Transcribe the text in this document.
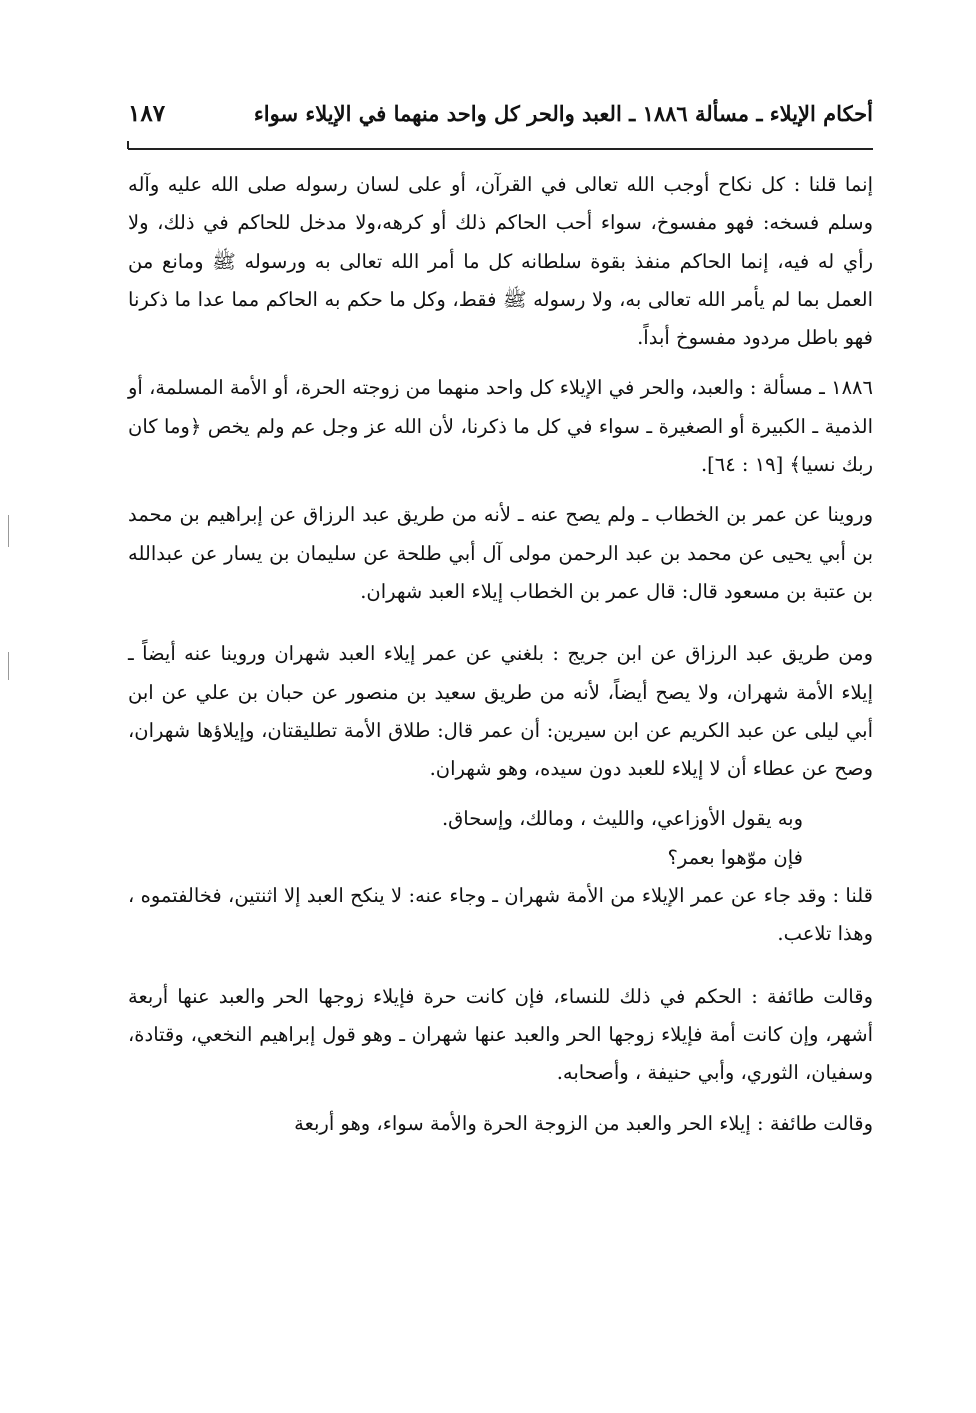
أحكام الإيلاء ـ مسألة ١٨٨٦ ـ العبد والحر كل واحد منهما في الإيلاء سواء
١٨٧

إنما قلنا : كل نكاح أوجب الله تعالى في القرآن، أو على لسان رسوله صلى الله عليه وآله وسلم فسخه: فهو مفسوخ، سواء أحب الحاكم ذلك أو كرهه،ولا مدخل للحاكم في ذلك، ولا رأي له فيه، إنما الحاكم منفذ بقوة سلطانه كل ما أمر الله تعالى به ورسوله ﷺ ومانع من العمل بما لم يأمر الله تعالى به، ولا رسوله ﷺ فقط، وكل ما حكم به الحاكم مما عدا ما ذكرنا فهو باطل مردود مفسوخ أبداً.

١٨٨٦ ـ مسألة : والعبد، والحر في الإيلاء كل واحد منهما من زوجته الحرة، أو الأمة المسلمة، أو الذمية ـ الكبيرة أو الصغيرة ـ سواء في كل ما ذكرنا، لأن الله عز وجل عم ولم يخص ﴿وما كان ربك نسيا﴾ [١٩ : ٦٤].

وروينا عن عمر بن الخطاب ـ ولم يصح عنه ـ لأنه من طريق عبد الرزاق عن إبراهيم بن محمد بن أبي يحيى عن محمد بن عبد الرحمن مولى آل أبي طلحة عن سليمان بن يسار عن عبدالله بن عتبة بن مسعود قال: قال عمر بن الخطاب إيلاء العبد شهران.

ومن طريق عبد الرزاق عن ابن جريج : بلغني عن عمر إيلاء العبد شهران وروينا عنه أيضاً ـ إيلاء الأمة شهران، ولا يصح أيضاً، لأنه من طريق سعيد بن منصور عن حبان بن علي عن ابن أبي ليلى عن عبد الكريم عن ابن سيرين: أن عمر قال: طلاق الأمة تطليقتان، وإيلاؤها شهران، وصح عن عطاء أن لا إيلاء للعبد دون سيده، وهو شهران.

وبه يقول الأوزاعي، والليث ، ومالك، وإسحاق.

فإن موّهوا بعمر؟

قلنا : وقد جاء عن عمر الإيلاء من الأمة شهران ـ وجاء عنه: لا ينكح العبد إلا اثنتين، فخالفتموه ، وهذا تلاعب.

وقالت طائفة : الحكم في ذلك للنساء، فإن كانت حرة فإيلاء زوجها الحر والعبد عنها أربعة أشهر، وإن كانت أمة فإيلاء زوجها الحر والعبد عنها شهران ـ وهو قول إبراهيم النخعي، وقتادة، وسفيان، الثوري، وأبي حنيفة ، وأصحابه.

وقالت طائفة : إيلاء الحر والعبد من الزوجة الحرة والأمة سواء، وهو أربعة
